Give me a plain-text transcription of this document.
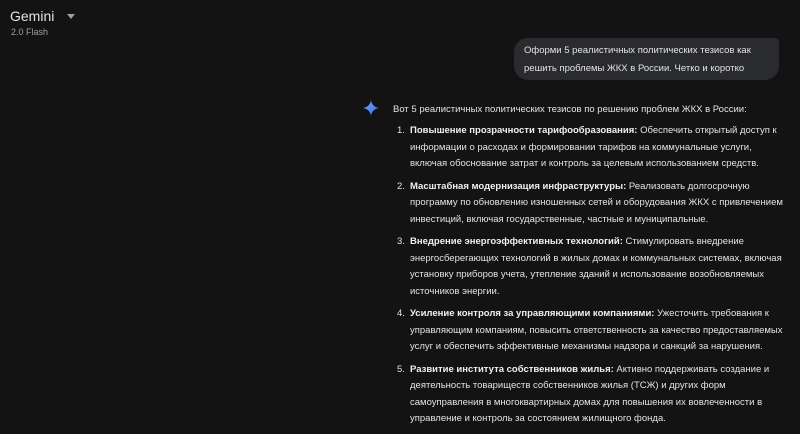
Gemini
2.0 Flash
Оформи 5 реалистичных политических тезисов как решить проблемы ЖКХ в России. Четко и коротко

Вот 5 реалистичных политических тезисов по решению проблем ЖКХ в России:

1. Повышение прозрачности тарифообразования: Обеспечить открытый доступ к информации о расходах и формировании тарифов на коммунальные услуги, включая обоснование затрат и контроль за целевым использованием средств.
2. Масштабная модернизация инфраструктуры: Реализовать долгосрочную программу по обновлению изношенных сетей и оборудования ЖКХ с привлечением инвестиций, включая государственные, частные и муниципальные.
3. Внедрение энергоэффективных технологий: Стимулировать внедрение энергосберегающих технологий в жилых домах и коммунальных системах, включая установку приборов учета, утепление зданий и использование возобновляемых источников энергии.
4. Усиление контроля за управляющими компаниями: Ужесточить требования к управляющим компаниям, повысить ответственность за качество предоставляемых услуг и обеспечить эффективные механизмы надзора и санкций за нарушения.
5. Развитие института собственников жилья: Активно поддерживать создание и деятельность товариществ собственников жилья (ТСЖ) и других форм самоуправления в многоквартирных домах для повышения их вовлеченности в управление и контроль за состоянием жилищного фонда.
